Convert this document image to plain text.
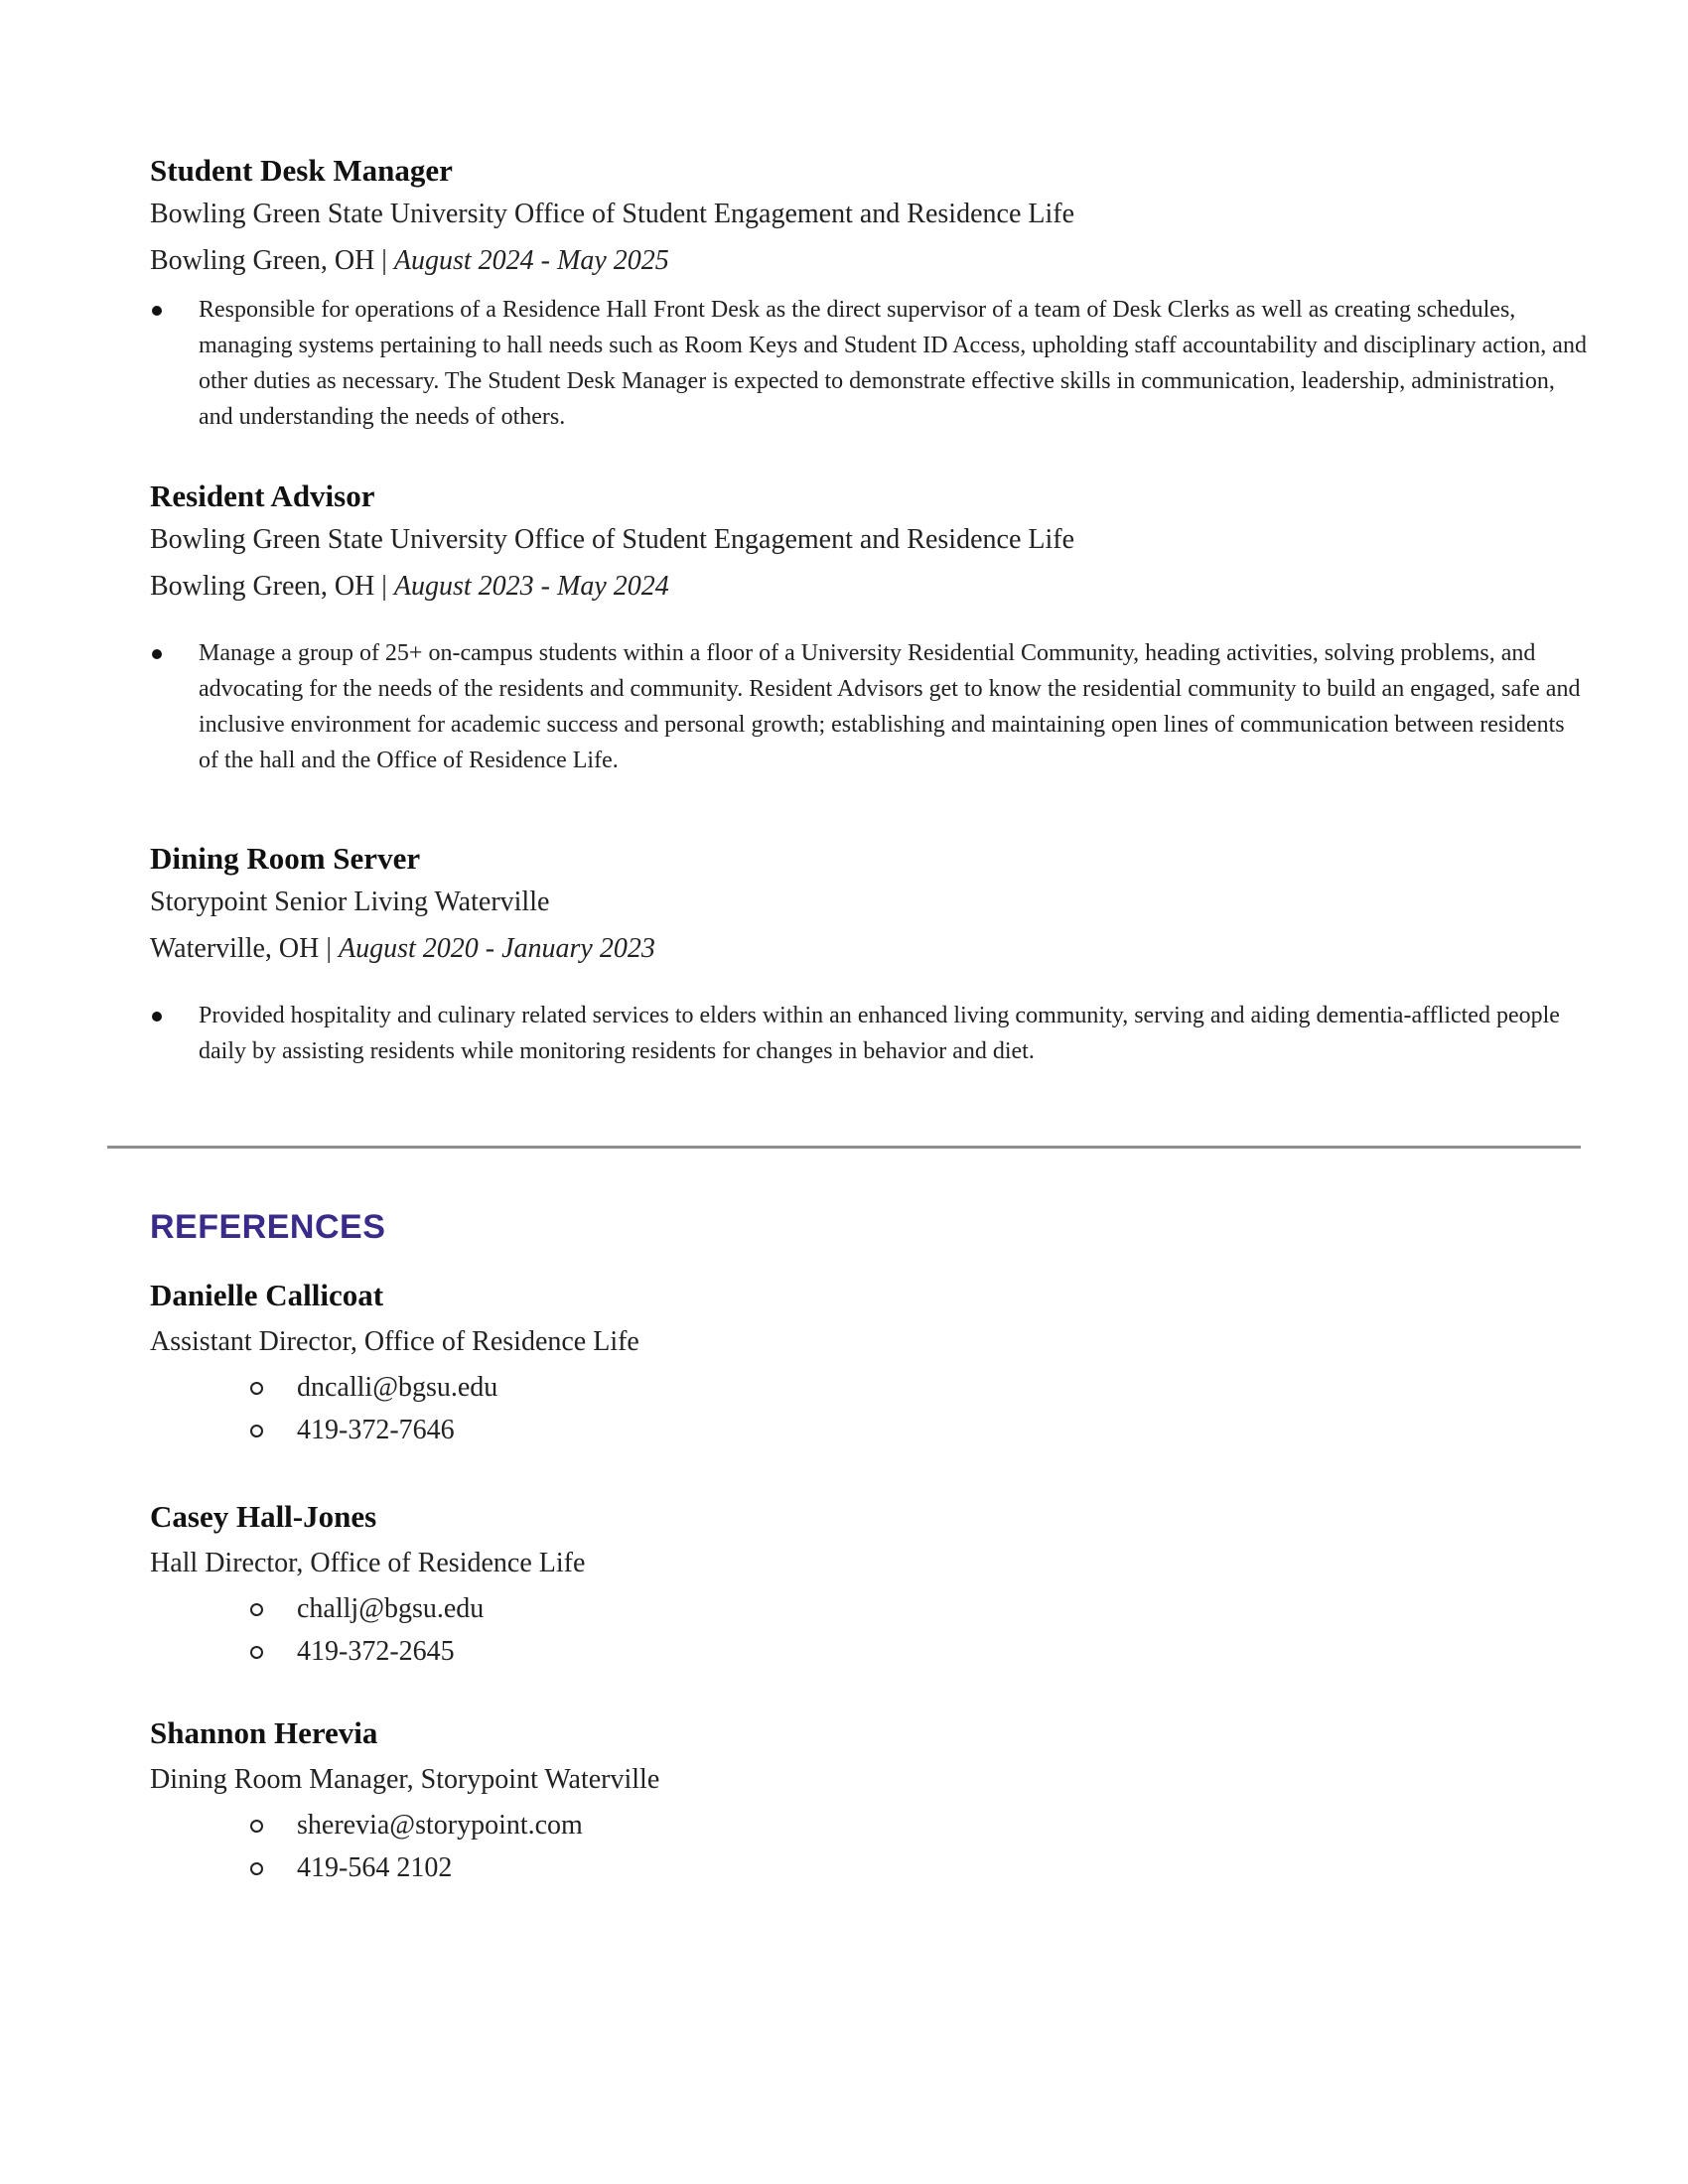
Student Desk Manager

Bowling Green State University Office of Student Engagement and Residence Life

Bowling Green, OH | August 2024 - May 2025

Responsible for operations of a Residence Hall Front Desk as the direct supervisor of a team of Desk Clerks as well as creating schedules, managing systems pertaining to hall needs such as Room Keys and Student ID Access, upholding staff accountability and disciplinary action, and other duties as necessary. The Student Desk Manager is expected to demonstrate effective skills in communication, leadership, administration, and understanding the needs of others.
Resident Advisor

Bowling Green State University Office of Student Engagement and Residence Life

Bowling Green, OH | August 2023 - May 2024

Manage a group of 25+ on-campus students within a floor of a University Residential Community, heading activities, solving problems, and advocating for the needs of the residents and community. Resident Advisors get to know the residential community to build an engaged, safe and inclusive environment for academic success and personal growth; establishing and maintaining open lines of communication between residents of the hall and the Office of Residence Life.
Dining Room Server

Storypoint Senior Living Waterville

Waterville, OH | August 2020 - January 2023

Provided hospitality and culinary related services to elders within an enhanced living community, serving and aiding dementia-afflicted people daily by assisting residents while monitoring residents for changes in behavior and diet.
REFERENCES
Danielle Callicoat

Assistant Director, Office of Residence Life

dncalli@bgsu.edu
419-372-7646
Casey Hall-Jones

Hall Director, Office of Residence Life

challj@bgsu.edu
419-372-2645
Shannon Herevia

Dining Room Manager, Storypoint Waterville

sherevia@storypoint.com
419-564 2102
